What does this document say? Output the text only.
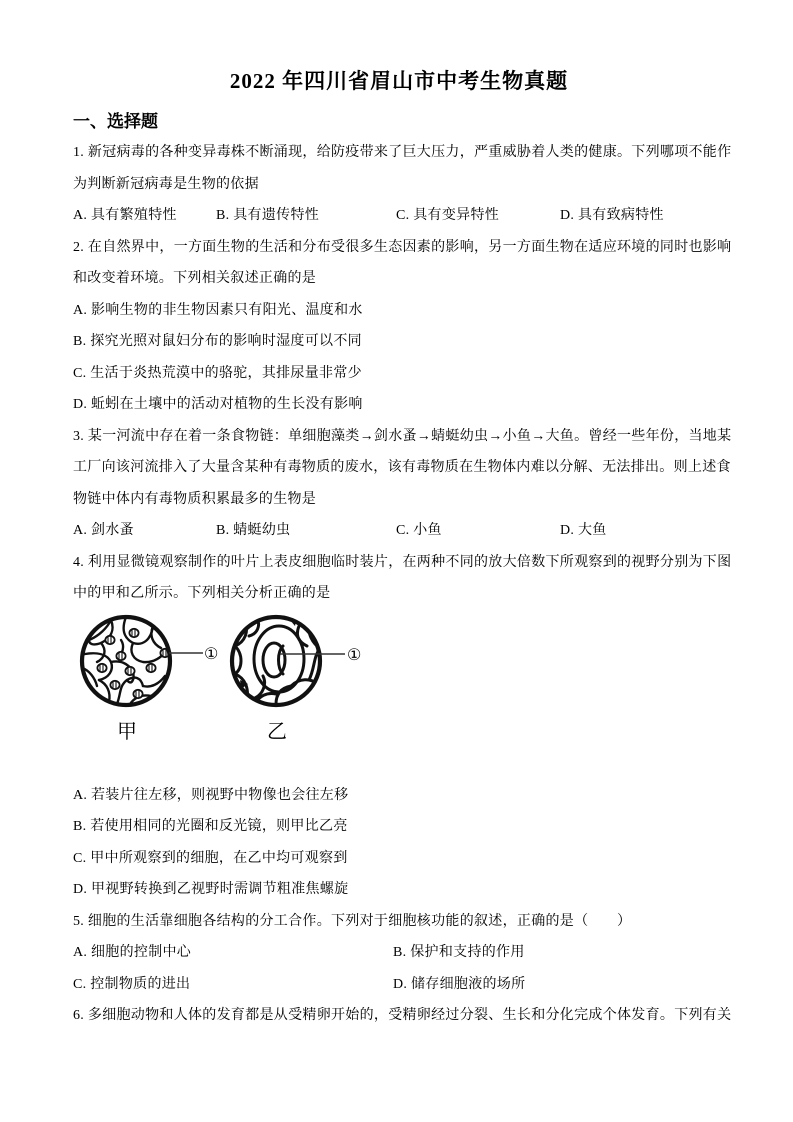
2022 年四川省眉山市中考生物真题
一、选择题
1. 新冠病毒的各种变异毒株不断涌现，给防疫带来了巨大压力，严重威胁着人类的健康。下列哪项不能作
为判断新冠病毒是生物的依据
A. 具有繁殖特性	B. 具有遗传特性	C. 具有变异特性	D. 具有致病特性
2. 在自然界中，一方面生物的生活和分布受很多生态因素的影响，另一方面生物在适应环境的同时也影响
和改变着环境。下列相关叙述正确的是
A. 影响生物的非生物因素只有阳光、温度和水
B. 探究光照对鼠妇分布的影响时湿度可以不同
C. 生活于炎热荒漠中的骆驼，其排尿量非常少
D. 蚯蚓在土壤中的活动对植物的生长没有影响
3. 某一河流中存在着一条食物链：单细胞藻类→剑水蚤→蜻蜓幼虫→小鱼→大鱼。曾经一些年份，当地某
工厂向该河流排入了大量含某种有毒物质的废水，该有毒物质在生物体内难以分解、无法排出。则上述食
物链中体内有毒物质积累最多的生物是
A. 剑水蚤	B. 蜻蜓幼虫	C. 小鱼	D. 大鱼
4. 利用显微镜观察制作的叶片上表皮细胞临时装片，在两种不同的放大倍数下所观察到的视野分别为下图
中的甲和乙所示。下列相关分析正确的是
①	①
甲	乙
A. 若装片往左移，则视野中物像也会往左移
B. 若使用相同的光圈和反光镜，则甲比乙亮
C. 甲中所观察到的细胞，在乙中均可观察到
D. 甲视野转换到乙视野时需调节粗准焦螺旋
5. 细胞的生活靠细胞各结构的分工合作。下列对于细胞核功能的叙述，正确的是（　　）
A. 细胞的控制中心	B. 保护和支持的作用
C. 控制物质的进出	D. 储存细胞液的场所
6. 多细胞动物和人体的发育都是从受精卵开始的，受精卵经过分裂、生长和分化完成个体发育。下列有关
